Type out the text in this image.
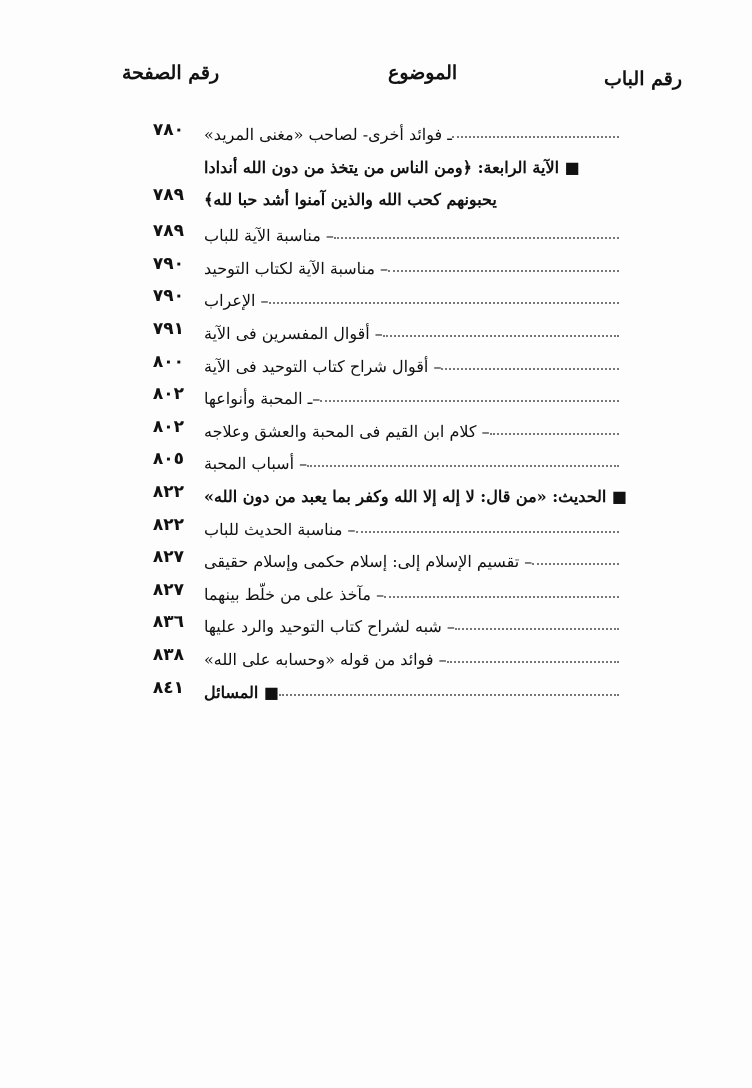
رقم الباب
الموضوع
رقم الصفحة
ـ فوائد أخرى- لصاحب «مغنى المريد»
٧٨٠
■ الآية الرابعة: ﴿ومن الناس من يتخذ من دون الله أندادا
يحبونهم كحب الله والذين آمنوا أشد حبا لله﴾
٧٨٩
– مناسبة الآية للباب
٧٨٩
– مناسبة الآية لكتاب التوحيد
٧٩٠
– الإعراب
٧٩٠
– أقوال المفسرين فى الآية
٧٩١
– أقوال شراح كتاب التوحيد فى الآية
٨٠٠
–ـ المحبة وأنواعها
٨٠٢
– كلام ابن القيم فى المحبة والعشق وعلاجه
٨٠٢
– أسباب المحبة
٨٠٥
■ الحديث: «من قال: لا إله إلا الله وكفر بما يعبد من دون الله»
٨٢٢
– مناسبة الحديث للباب
٨٢٢
– تقسيم الإسلام إلى: إسلام حكمى وإسلام حقيقى
٨٢٧
– مآخذ على من خلّط بينهما
٨٢٧
– شبه لشراح كتاب التوحيد والرد عليها
٨٣٦
– فوائد من قوله «وحسابه على الله»
٨٣٨
■ المسائل
٨٤١
